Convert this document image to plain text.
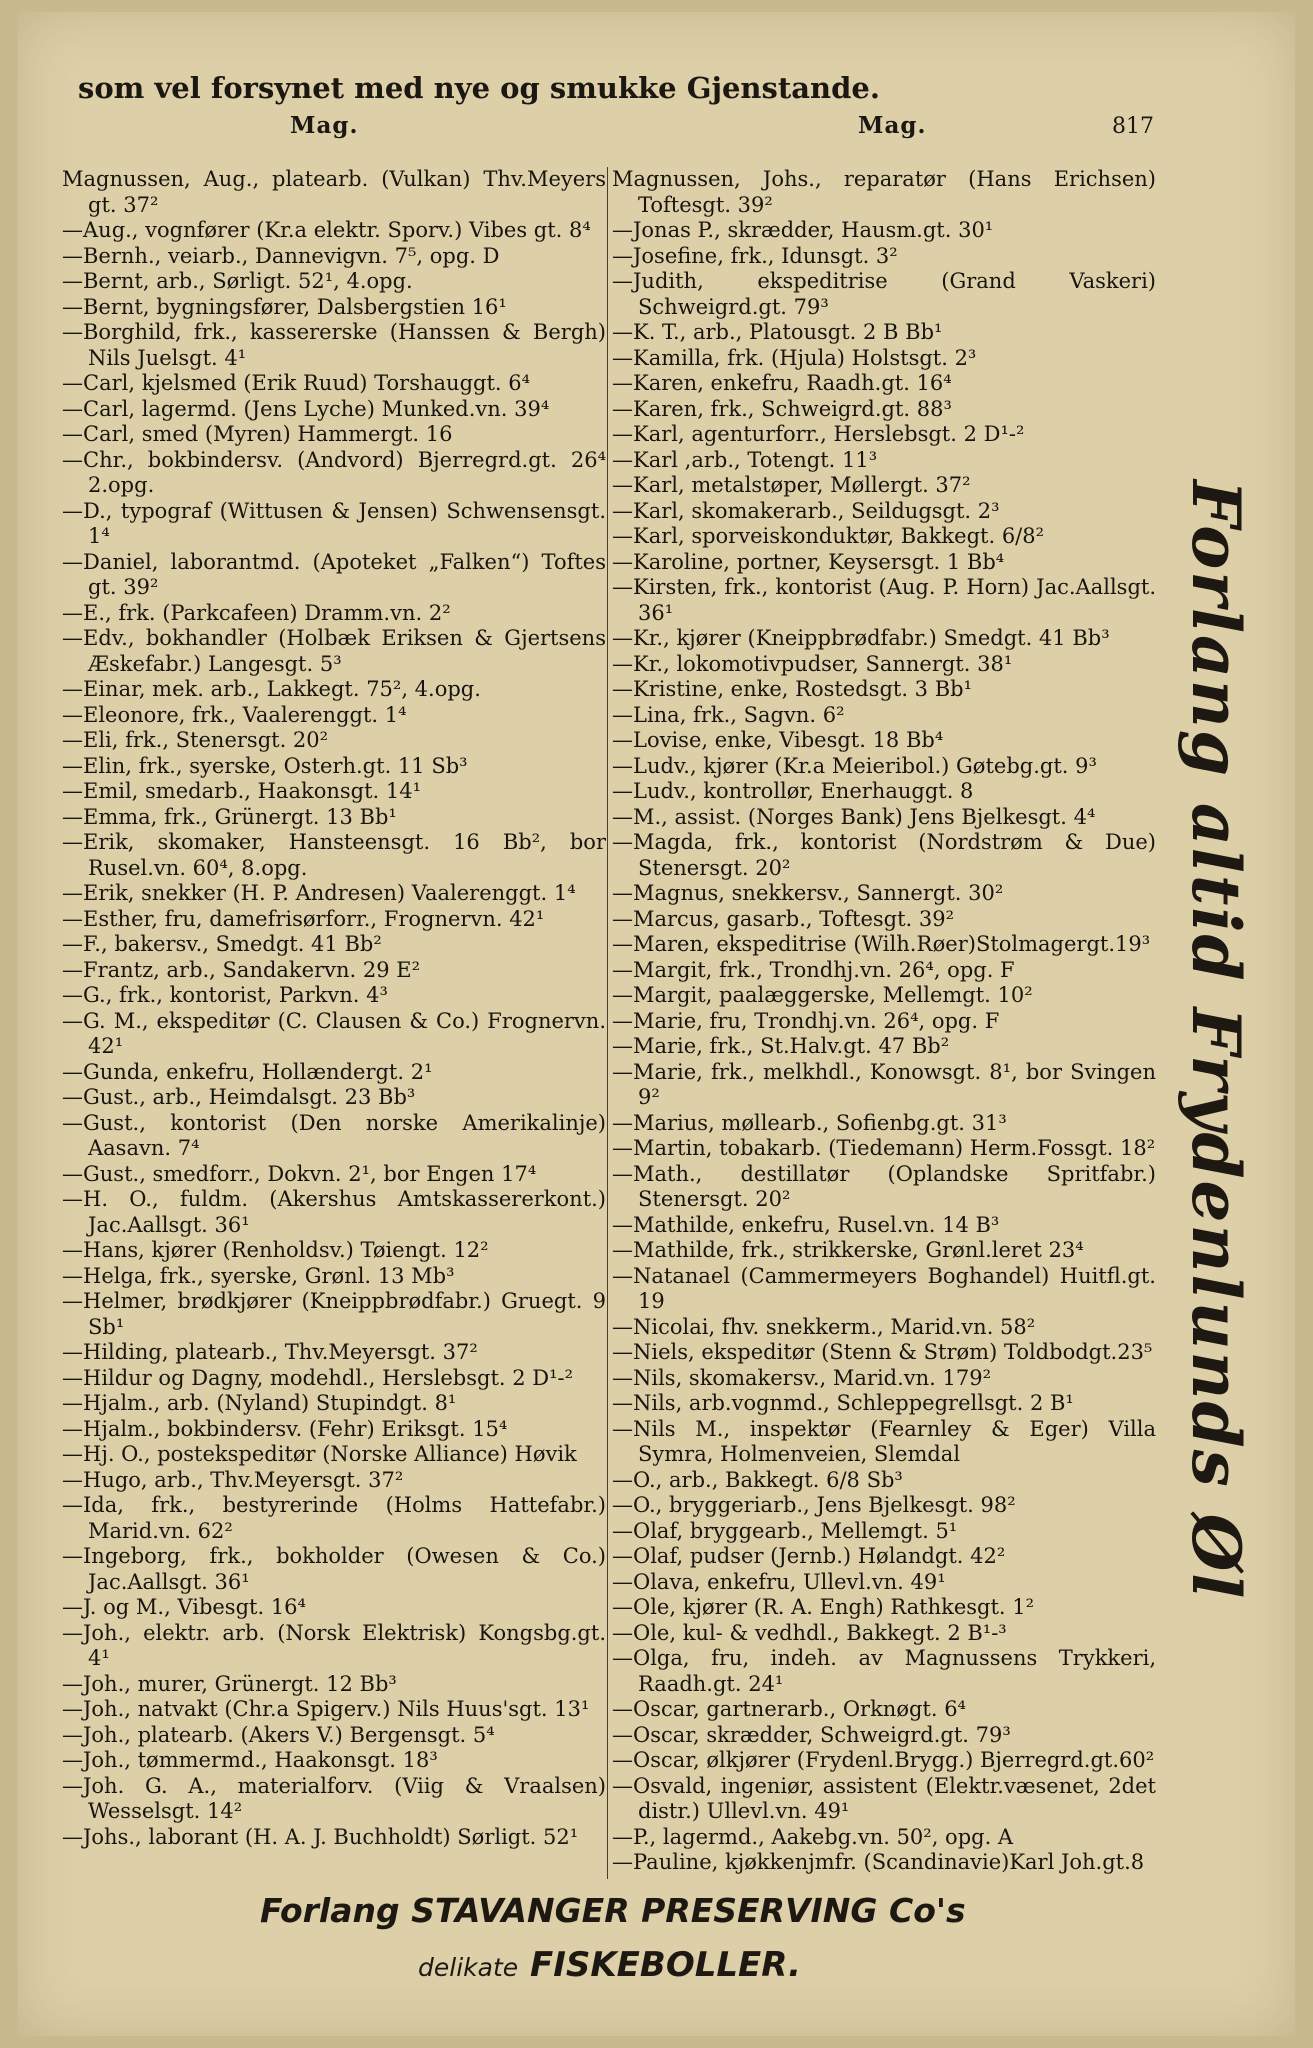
som vel forsynet med nye og smukke Gjenstande.
Mag.	Mag.	817

Magnussen, Aug., platearb. (Vulkan) Thv.Meyers gt. 37²

—Aug., vognfører (Kr.a elektr. Sporv.) Vibes gt. 8⁴

—Bernh., veiarb., Dannevigvn. 7⁵, opg. D

—Bernt, arb., Sørligt. 52¹, 4.opg.

—Bernt, bygningsfører, Dalsbergstien 16¹

—Borghild, frk., kassererske (Hanssen & Bergh) Nils Juelsgt. 4¹

—Carl, kjelsmed (Erik Ruud) Torshauggt. 6⁴

—Carl, lagermd. (Jens Lyche) Munked.vn. 39⁴

—Carl, smed (Myren) Hammergt. 16

—Chr., bokbindersv. (Andvord) Bjerregrd.gt. 26⁴ 2.opg.

—D., typograf (Wittusen & Jensen) Schwensensgt. 1⁴

—Daniel, laborantmd. (Apoteket „Falken“) Toftes gt. 39²

—E., frk. (Parkcafeen) Dramm.vn. 2²

—Edv., bokhandler (Holbæk Eriksen & Gjertsens Æskefabr.) Langesgt. 5³

—Einar, mek. arb., Lakkegt. 75², 4.opg.

—Eleonore, frk., Vaalerenggt. 1⁴

—Eli, frk., Stenersgt. 20²

—Elin, frk., syerske, Osterh.gt. 11 Sb³

—Emil, smedarb., Haakonsgt. 14¹

—Emma, frk., Grünergt. 13 Bb¹

—Erik, skomaker, Hansteensgt. 16 Bb², bor Rusel.vn. 60⁴, 8.opg.

—Erik, snekker (H. P. Andresen) Vaalerenggt. 1⁴

—Esther, fru, damefrisørforr., Frognervn. 42¹

—F., bakersv., Smedgt. 41 Bb²

—Frantz, arb., Sandakervn. 29 E²

—G., frk., kontorist, Parkvn. 4³

—G. M., ekspeditør (C. Clausen & Co.) Frognervn. 42¹

—Gunda, enkefru, Hollændergt. 2¹

—Gust., arb., Heimdalsgt. 23 Bb³

—Gust., kontorist (Den norske Amerikalinje) Aasavn. 7⁴

—Gust., smedforr., Dokvn. 2¹, bor Engen 17⁴

—H. O., fuldm. (Akershus Amtskassererkont.) Jac.Aallsgt. 36¹

—Hans, kjører (Renholdsv.) Tøiengt. 12²

—Helga, frk., syerske, Grønl. 13 Mb³

—Helmer, brødkjører (Kneippbrødfabr.) Gruegt. 9 Sb¹

—Hilding, platearb., Thv.Meyersgt. 37²

—Hildur og Dagny, modehdl., Herslebsgt. 2 D¹-²

—Hjalm., arb. (Nyland) Stupindgt. 8¹

—Hjalm., bokbindersv. (Fehr) Eriksgt. 15⁴

—Hj. O., postekspeditør (Norske Alliance) Høvik

—Hugo, arb., Thv.Meyersgt. 37²

—Ida, frk., bestyrerinde (Holms Hattefabr.) Marid.vn. 62²

—Ingeborg, frk., bokholder (Owesen & Co.) Jac.Aallsgt. 36¹

—J. og M., Vibesgt. 16⁴

—Joh., elektr. arb. (Norsk Elektrisk) Kongsbg.gt. 4¹

—Joh., murer, Grünergt. 12 Bb³

—Joh., natvakt (Chr.a Spigerv.) Nils Huus'sgt. 13¹

—Joh., platearb. (Akers V.) Bergensgt. 5⁴

—Joh., tømmermd., Haakonsgt. 18³

—Joh. G. A., materialforv. (Viig & Vraalsen) Wesselsgt. 14²

—Johs., laborant (H. A. J. Buchholdt) Sørligt. 52¹

Magnussen, Johs., reparatør (Hans Erichsen) Toftesgt. 39²

—Jonas P., skrædder, Hausm.gt. 30¹

—Josefine, frk., Idunsgt. 3²

—Judith, ekspeditrise (Grand Vaskeri) Schweigrd.gt. 79³

—K. T., arb., Platousgt. 2 B Bb¹

—Kamilla, frk. (Hjula) Holstsgt. 2³

—Karen, enkefru, Raadh.gt. 16⁴

—Karen, frk., Schweigrd.gt. 88³

—Karl, agenturforr., Herslebsgt. 2 D¹-²

—Karl ,arb., Totengt. 11³

—Karl, metalstøper, Møllergt. 37²

—Karl, skomakerarb., Seildugsgt. 2³

—Karl, sporveiskonduktør, Bakkegt. 6/8²

—Karoline, portner, Keysersgt. 1 Bb⁴

—Kirsten, frk., kontorist (Aug. P. Horn) Jac.Aallsgt. 36¹

—Kr., kjører (Kneippbrødfabr.) Smedgt. 41 Bb³

—Kr., lokomotivpudser, Sannergt. 38¹

—Kristine, enke, Rostedsgt. 3 Bb¹

—Lina, frk., Sagvn. 6²

—Lovise, enke, Vibesgt. 18 Bb⁴

—Ludv., kjører (Kr.a Meieribol.) Gøtebg.gt. 9³

—Ludv., kontrollør, Enerhauggt. 8

—M., assist. (Norges Bank) Jens Bjelkesgt. 4⁴

—Magda, frk., kontorist (Nordstrøm & Due) Stenersgt. 20²

—Magnus, snekkersv., Sannergt. 30²

—Marcus, gasarb., Toftesgt. 39²

—Maren, ekspeditrise (Wilh.Røer)Stolmagergt.19³

—Margit, frk., Trondhj.vn. 26⁴, opg. F

—Margit, paalæggerske, Mellemgt. 10²

—Marie, fru, Trondhj.vn. 26⁴, opg. F

—Marie, frk., St.Halv.gt. 47 Bb²

—Marie, frk., melkhdl., Konowsgt. 8¹, bor Svingen 9²

—Marius, møllearb., Sofienbg.gt. 31³

—Martin, tobakarb. (Tiedemann) Herm.Fossgt. 18²

—Math., destillatør (Oplandske Spritfabr.) Stenersgt. 20²

—Mathilde, enkefru, Rusel.vn. 14 B³

—Mathilde, frk., strikkerske, Grønl.leret 23⁴

—Natanael (Cammermeyers Boghandel) Huitfl.gt. 19

—Nicolai, fhv. snekkerm., Marid.vn. 58²

—Niels, ekspeditør (Stenn & Strøm) Toldbodgt.23⁵

—Nils, skomakersv., Marid.vn. 179²

—Nils, arb.vognmd., Schleppegrellsgt. 2 B¹

—Nils M., inspektør (Fearnley & Eger) Villa Symra, Holmenveien, Slemdal

—O., arb., Bakkegt. 6/8 Sb³

—O., bryggeriarb., Jens Bjelkesgt. 98²

—Olaf, bryggearb., Mellemgt. 5¹

—Olaf, pudser (Jernb.) Hølandgt. 42²

—Olava, enkefru, Ullevl.vn. 49¹

—Ole, kjører (R. A. Engh) Rathkesgt. 1²

—Ole, kul- & vedhdl., Bakkegt. 2 B¹-³

—Olga, fru, indeh. av Magnussens Trykkeri, Raadh.gt. 24¹

—Oscar, gartnerarb., Orknøgt. 6⁴

—Oscar, skrædder, Schweigrd.gt. 79³

—Oscar, ølkjører (Frydenl.Brygg.) Bjerregrd.gt.60²

—Osvald, ingeniør, assistent (Elektr.væsenet, 2det distr.) Ullevl.vn. 49¹

—P., lagermd., Aakebg.vn. 50², opg. A

—Pauline, kjøkkenjmfr. (Scandinavie)Karl Joh.gt.8

Forlang altid Frydenlunds Øl
Forlang STAVANGER PRESERVING Co's
delikate FISKEBOLLER.
